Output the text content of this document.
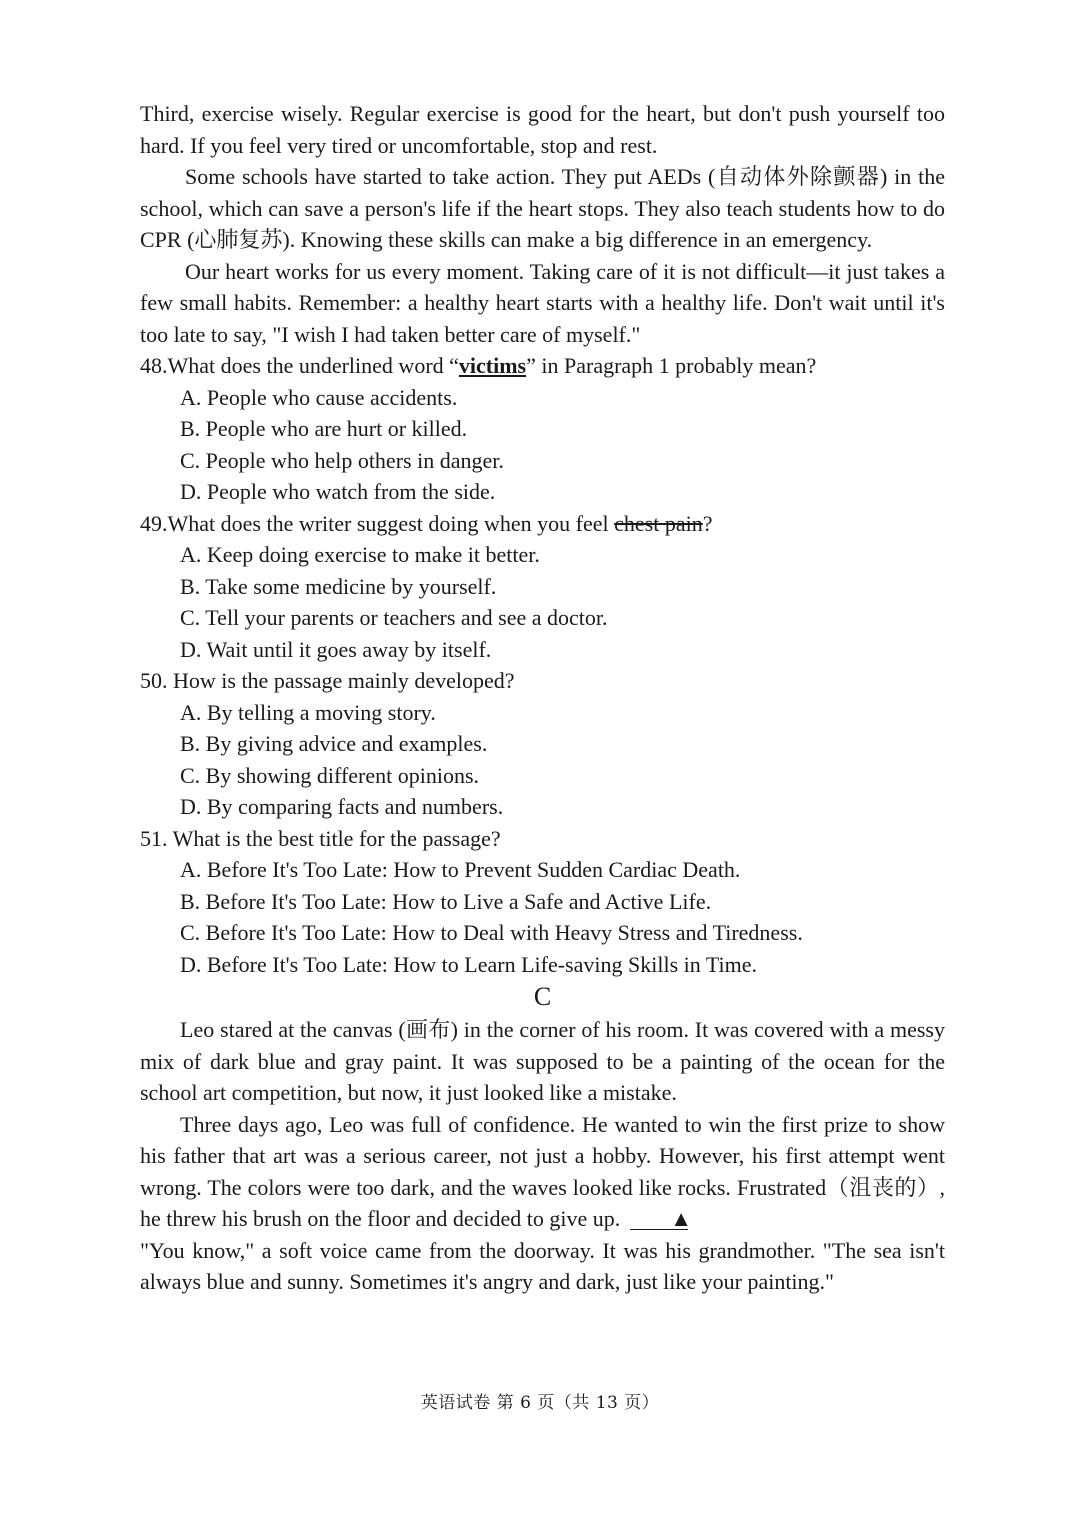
Third, exercise wisely. Regular exercise is good for the heart, but don't push yourself too hard. If you feel very tired or uncomfortable, stop and rest.

Some schools have started to take action. They put AEDs (自动体外除颤器) in the school, which can save a person's life if the heart stops. They also teach students how to do CPR (心肺复苏). Knowing these skills can make a big difference in an emergency.

Our heart works for us every moment. Taking care of it is not difficult—it just takes a few small habits. Remember: a healthy heart starts with a healthy life. Don't wait until it's too late to say, "I wish I had taken better care of myself."

48.What does the underlined word “victims” in Paragraph 1 probably mean?

A. People who cause accidents.
B. People who are hurt or killed.
C. People who help others in danger.
D. People who watch from the side.

49.What does the writer suggest doing when you feel chest pain?

A. Keep doing exercise to make it better.
B. Take some medicine by yourself.
C. Tell your parents or teachers and see a doctor.
D. Wait until it goes away by itself.

50. How is the passage mainly developed?

A. By telling a moving story.
B. By giving advice and examples.
C. By showing different opinions.
D. By comparing facts and numbers.

51. What is the best title for the passage?

A. Before It's Too Late: How to Prevent Sudden Cardiac Death.
B. Before It's Too Late: How to Live a Safe and Active Life.
C. Before It's Too Late: How to Deal with Heavy Stress and Tiredness.
D. Before It's Too Late: How to Learn Life-saving Skills in Time.

C

Leo stared at the canvas (画布) in the corner of his room. It was covered with a messy mix of dark blue and gray paint. It was supposed to be a painting of the ocean for the school art competition, but now, it just looked like a mistake.

Three days ago, Leo was full of confidence. He wanted to win the first prize to show his father that art was a serious career, not just a hobby. However, his first attempt went wrong. The colors were too dark, and the waves looked like rocks. Frustrated（沮丧的）, he threw his brush on the floor and decided to give up. ▲

"You know," a soft voice came from the doorway. It was his grandmother. "The sea isn't always blue and sunny. Sometimes it's angry and dark, just like your painting."

英语试卷 第 6 页（共 13 页）
